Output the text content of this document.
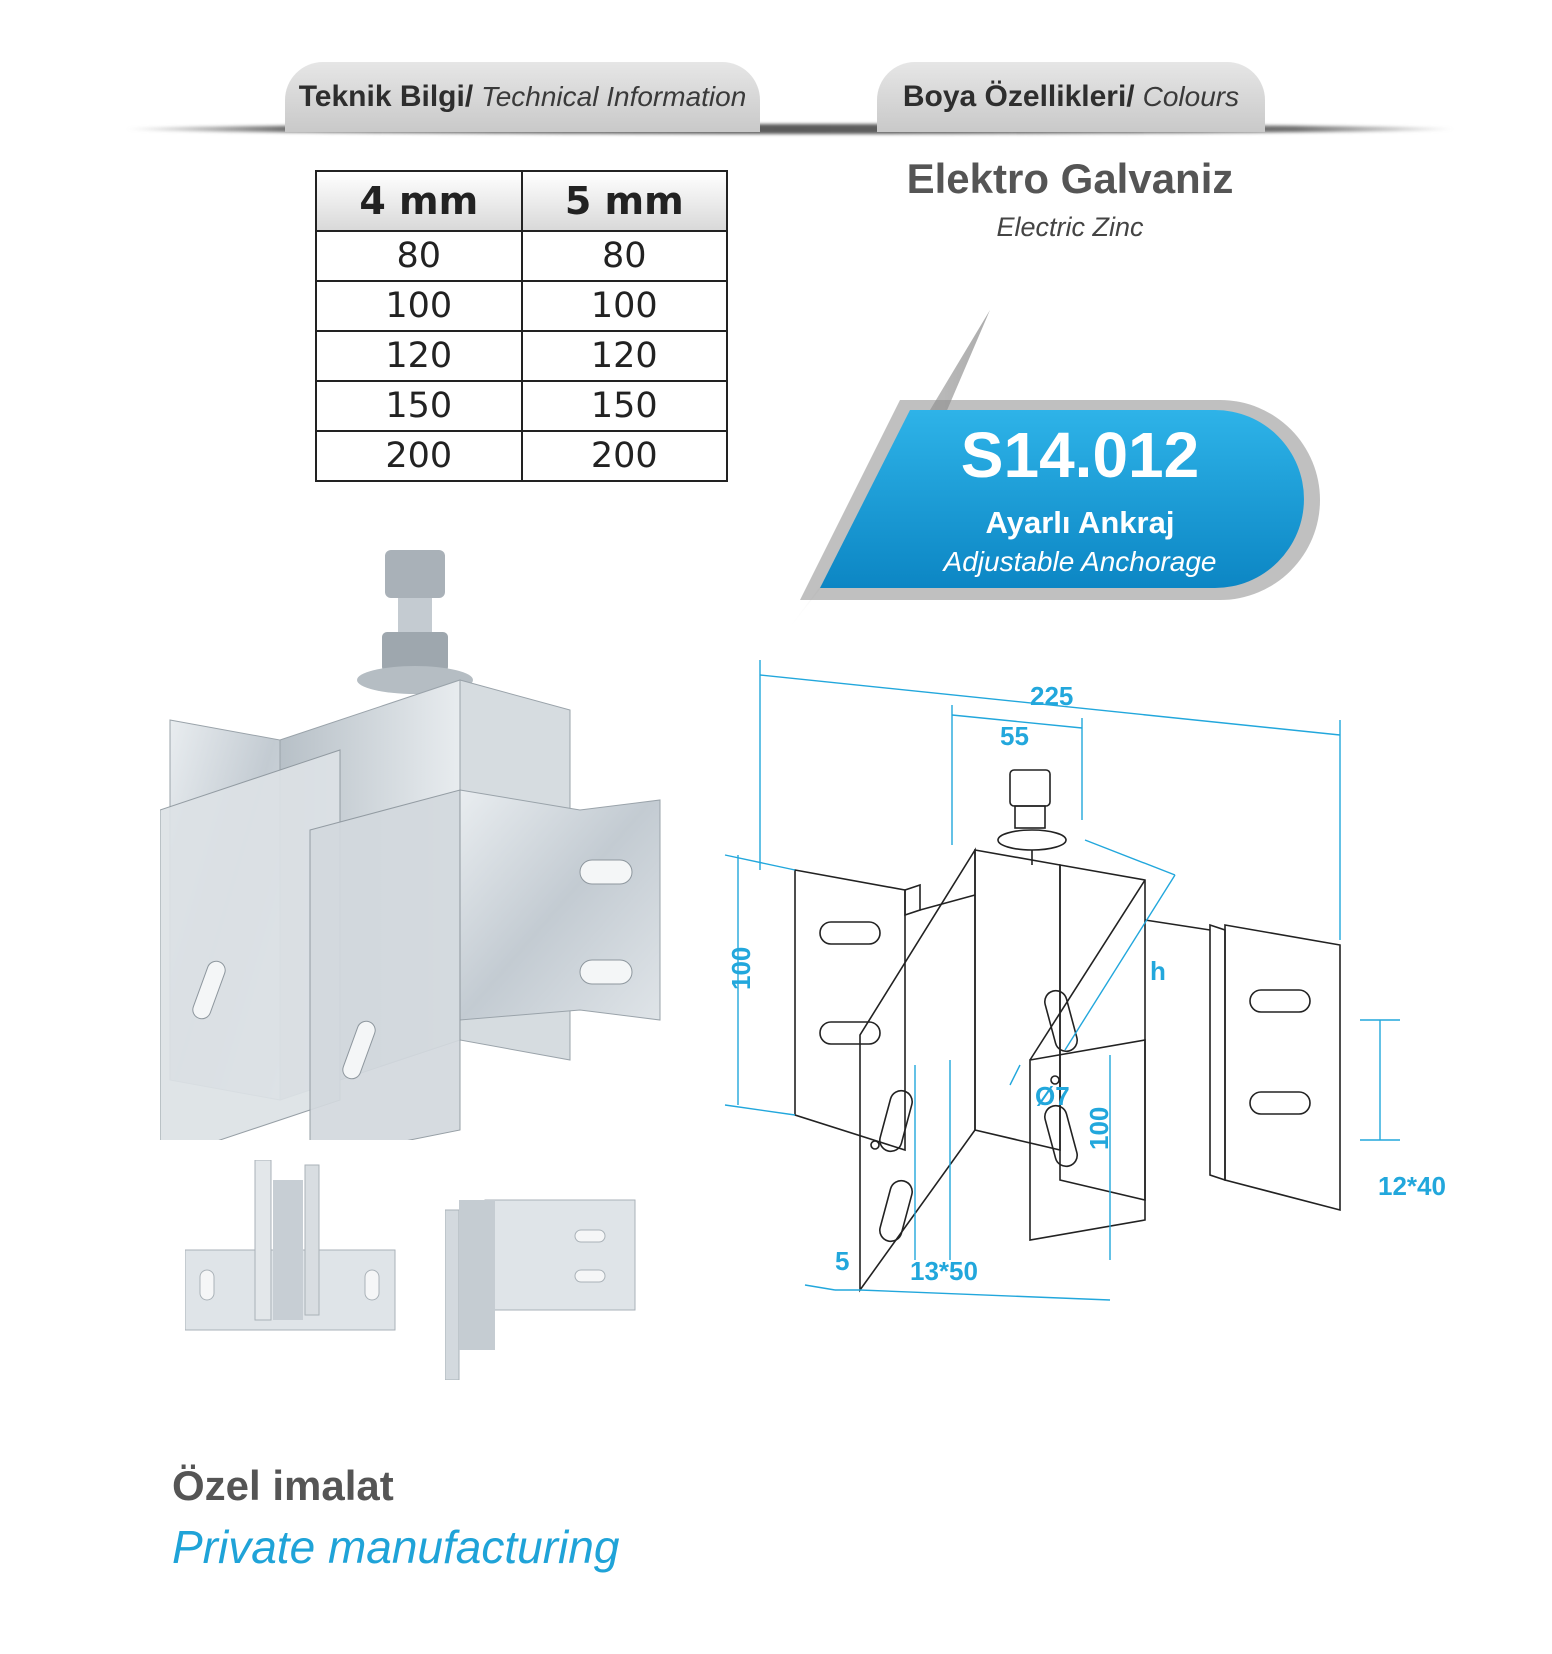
Teknik Bilgi/ Technical Information	Boya Özellikleri/ Colours
4 mm	5 mm
80	80
100	100
120	120
150	150
200	200
Elektro Galvaniz
Electric Zinc
S14.012
Ayarlı Ankraj
Adjustable Anchorage
225
55
100	h
Ø7
100
5 13*50
12*40
Özel imalat
Private manufacturing
